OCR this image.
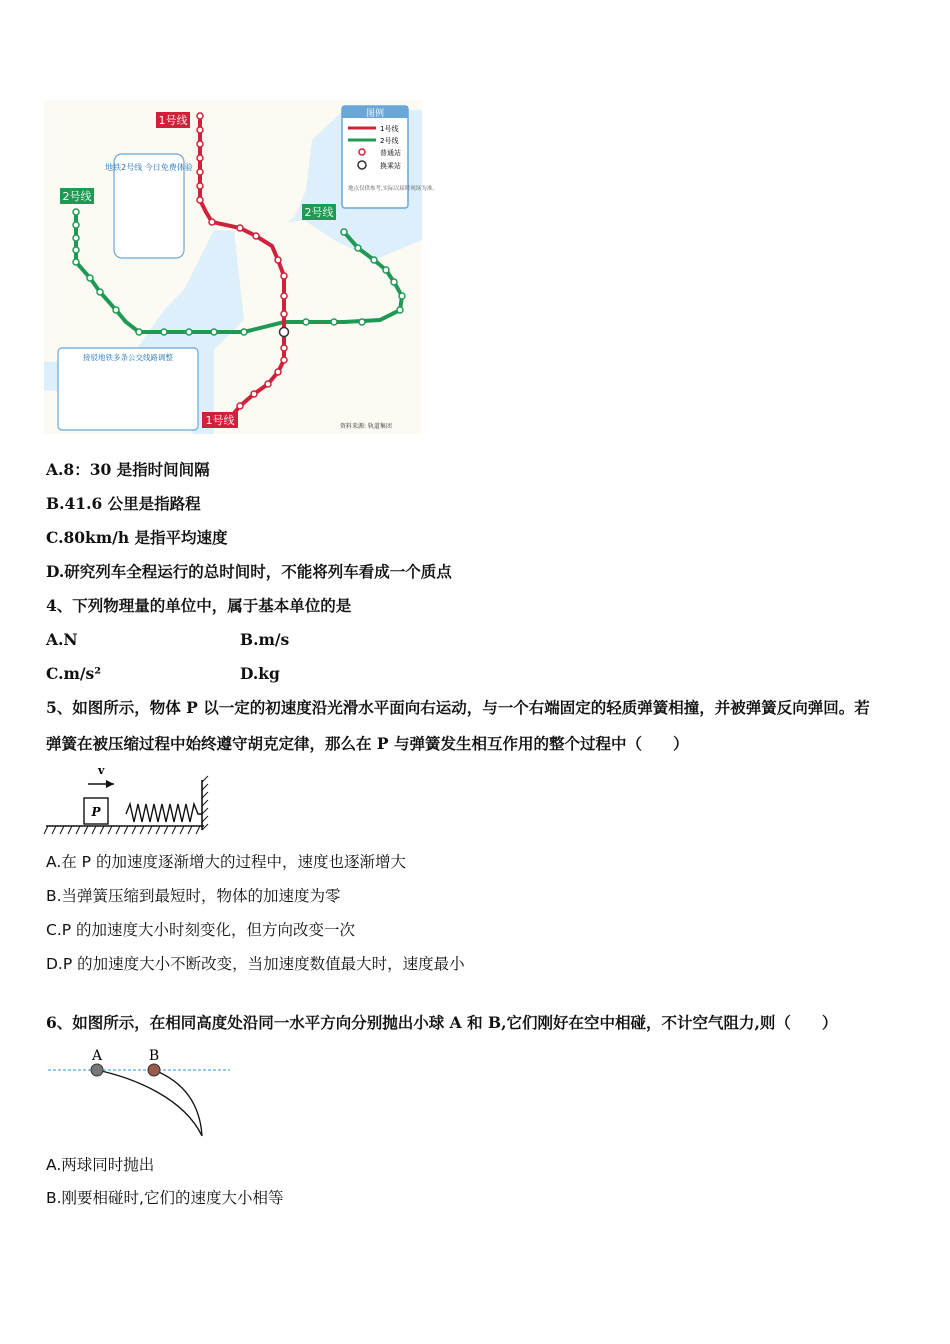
1号线
2号线
2号线
1号线
图例
1号线
2号线
普通站
换乘站
地点仅供参考,实际以届时现场为准。
地铁2号线 今日免费体验
接驳地铁多条公交线路调整
资料来源: 轨道集团
A.8：30 是指时间间隔
B.41.6 公里是指路程
C.80km/h 是指平均速度
D.研究列车全程运行的总时间时，不能将列车看成一个质点
4、下列物理量的单位中，属于基本单位的是
A.N	B.m/s
C.m/s²	D.kg
5、如图所示，物体 P 以一定的初速度沿光滑水平面向右运动，与一个右端固定的轻质弹簧相撞，并被弹簧反向弹回。若
弹簧在被压缩过程中始终遵守胡克定律，那么在 P 与弹簧发生相互作用的整个过程中（　　）
v
P
A.在 P 的加速度逐渐增大的过程中，速度也逐渐增大
B.当弹簧压缩到最短时，物体的加速度为零
C.P 的加速度大小时刻变化，但方向改变一次
D.P 的加速度大小不断改变，当加速度数值最大时，速度最小
6、如图所示，在相同高度处沿同一水平方向分别抛出小球 A 和 B,它们刚好在空中相碰，不计空气阻力,则（　　）
A	B
A.两球同时抛出
B.刚要相碰时,它们的速度大小相等
